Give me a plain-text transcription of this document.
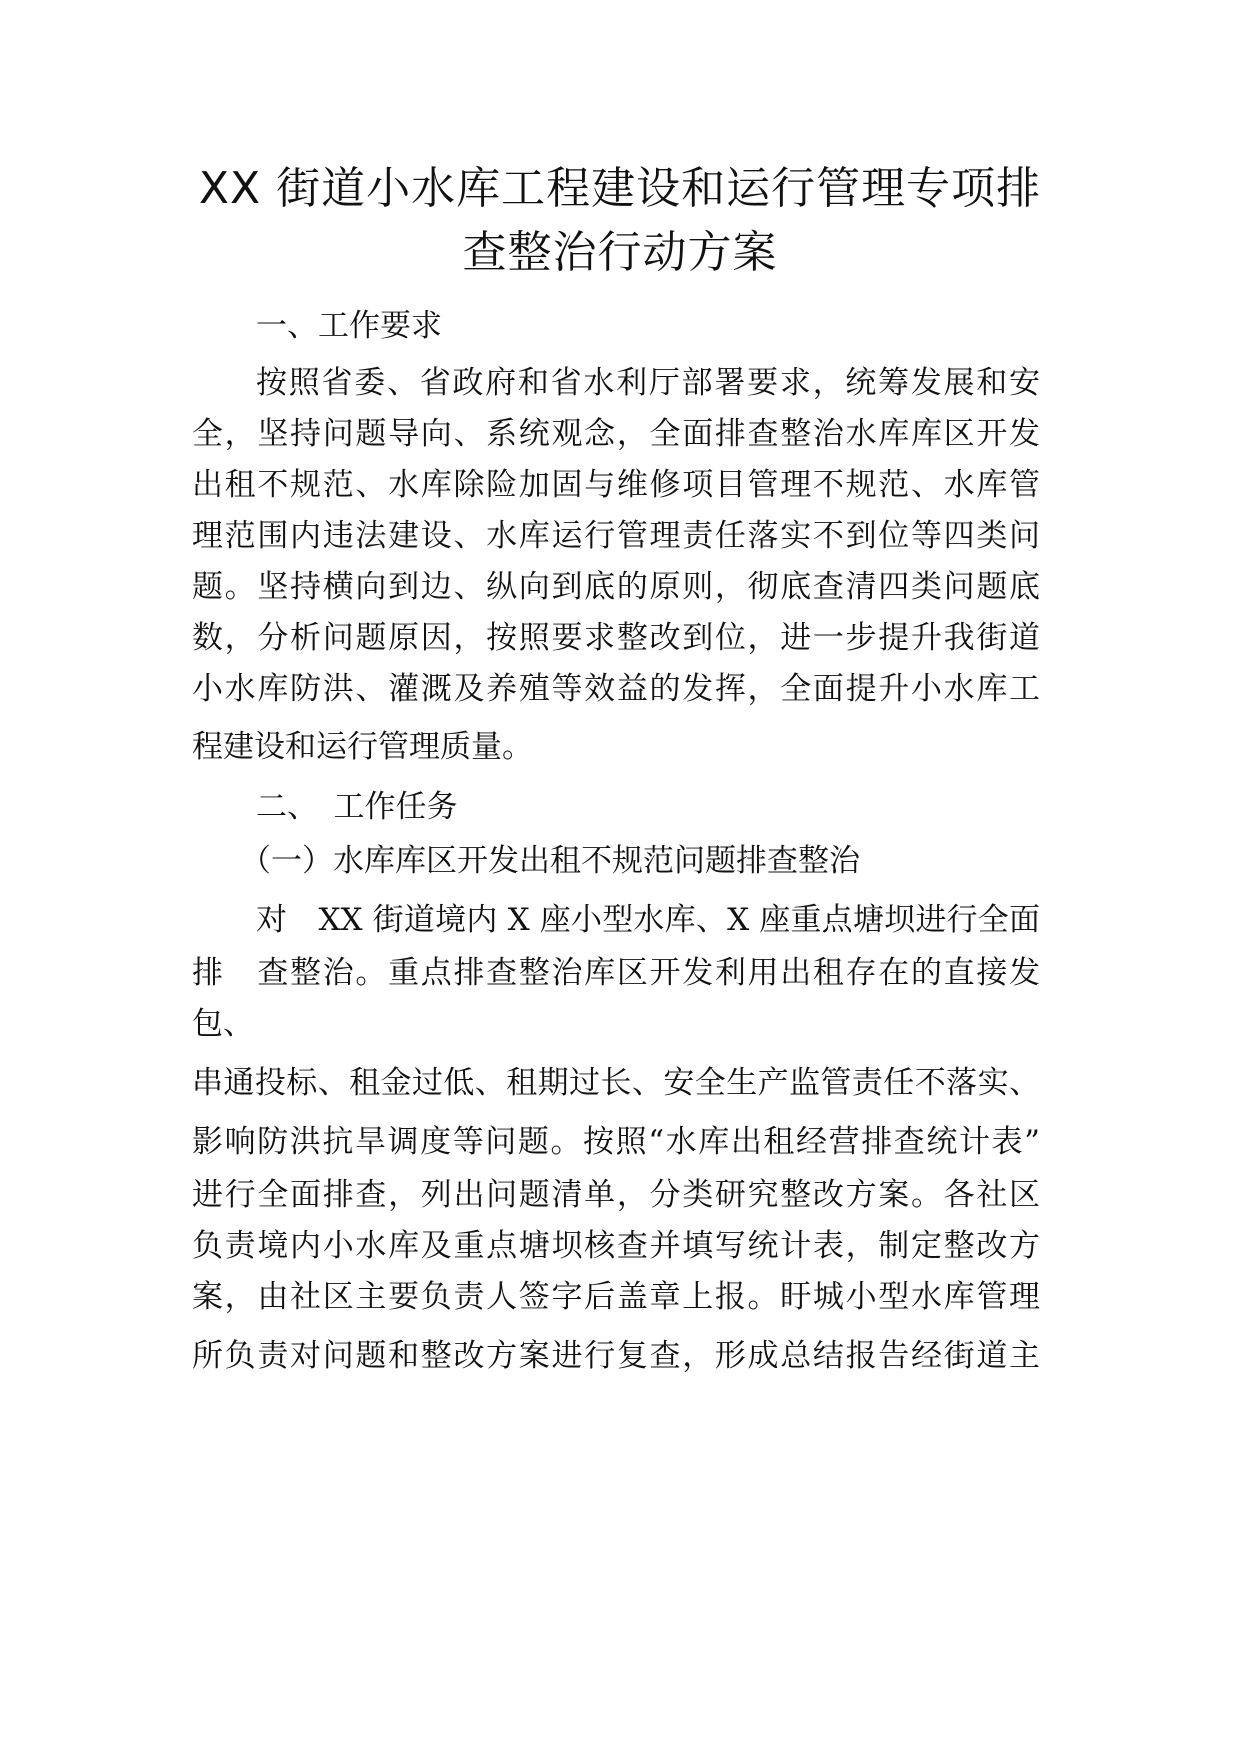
XX 街道小水库工程建设和运行管理专项排
查整治行动方案
一、工作要求
按照省委、省政府和省水利厅部署要求，统筹发展和安
全，坚持问题导向、系统观念，全面排查整治水库库区开发
出租不规范、水库除险加固与维修项目管理不规范、水库管
理范围内违法建设、水库运行管理责任落实不到位等四类问
题。坚持横向到边、纵向到底的原则，彻底查清四类问题底
数，分析问题原因，按照要求整改到位，进一步提升我街道
小水库防洪、灌溉及养殖等效益的发挥，全面提升小水库工
程建设和运行管理质量。
二、　工作任务
（一）水库库区开发出租不规范问题排查整治
对　XX 街道境内 X 座小型水库、X 座重点塘坝进行全面
排　查整治。重点排查整治库区开发利用出租存在的直接发
包、
串通投标、租金过低、租期过长、安全生产监管责任不落实、
影响防洪抗旱调度等问题。按照“水库出租经营排查统计表”
进行全面排查，列出问题清单，分类研究整改方案。各社区
负责境内小水库及重点塘坝核查并填写统计表，制定整改方
案，由社区主要负责人签字后盖章上报。盱城小型水库管理
所负责对问题和整改方案进行复查，形成总结报告经街道主
